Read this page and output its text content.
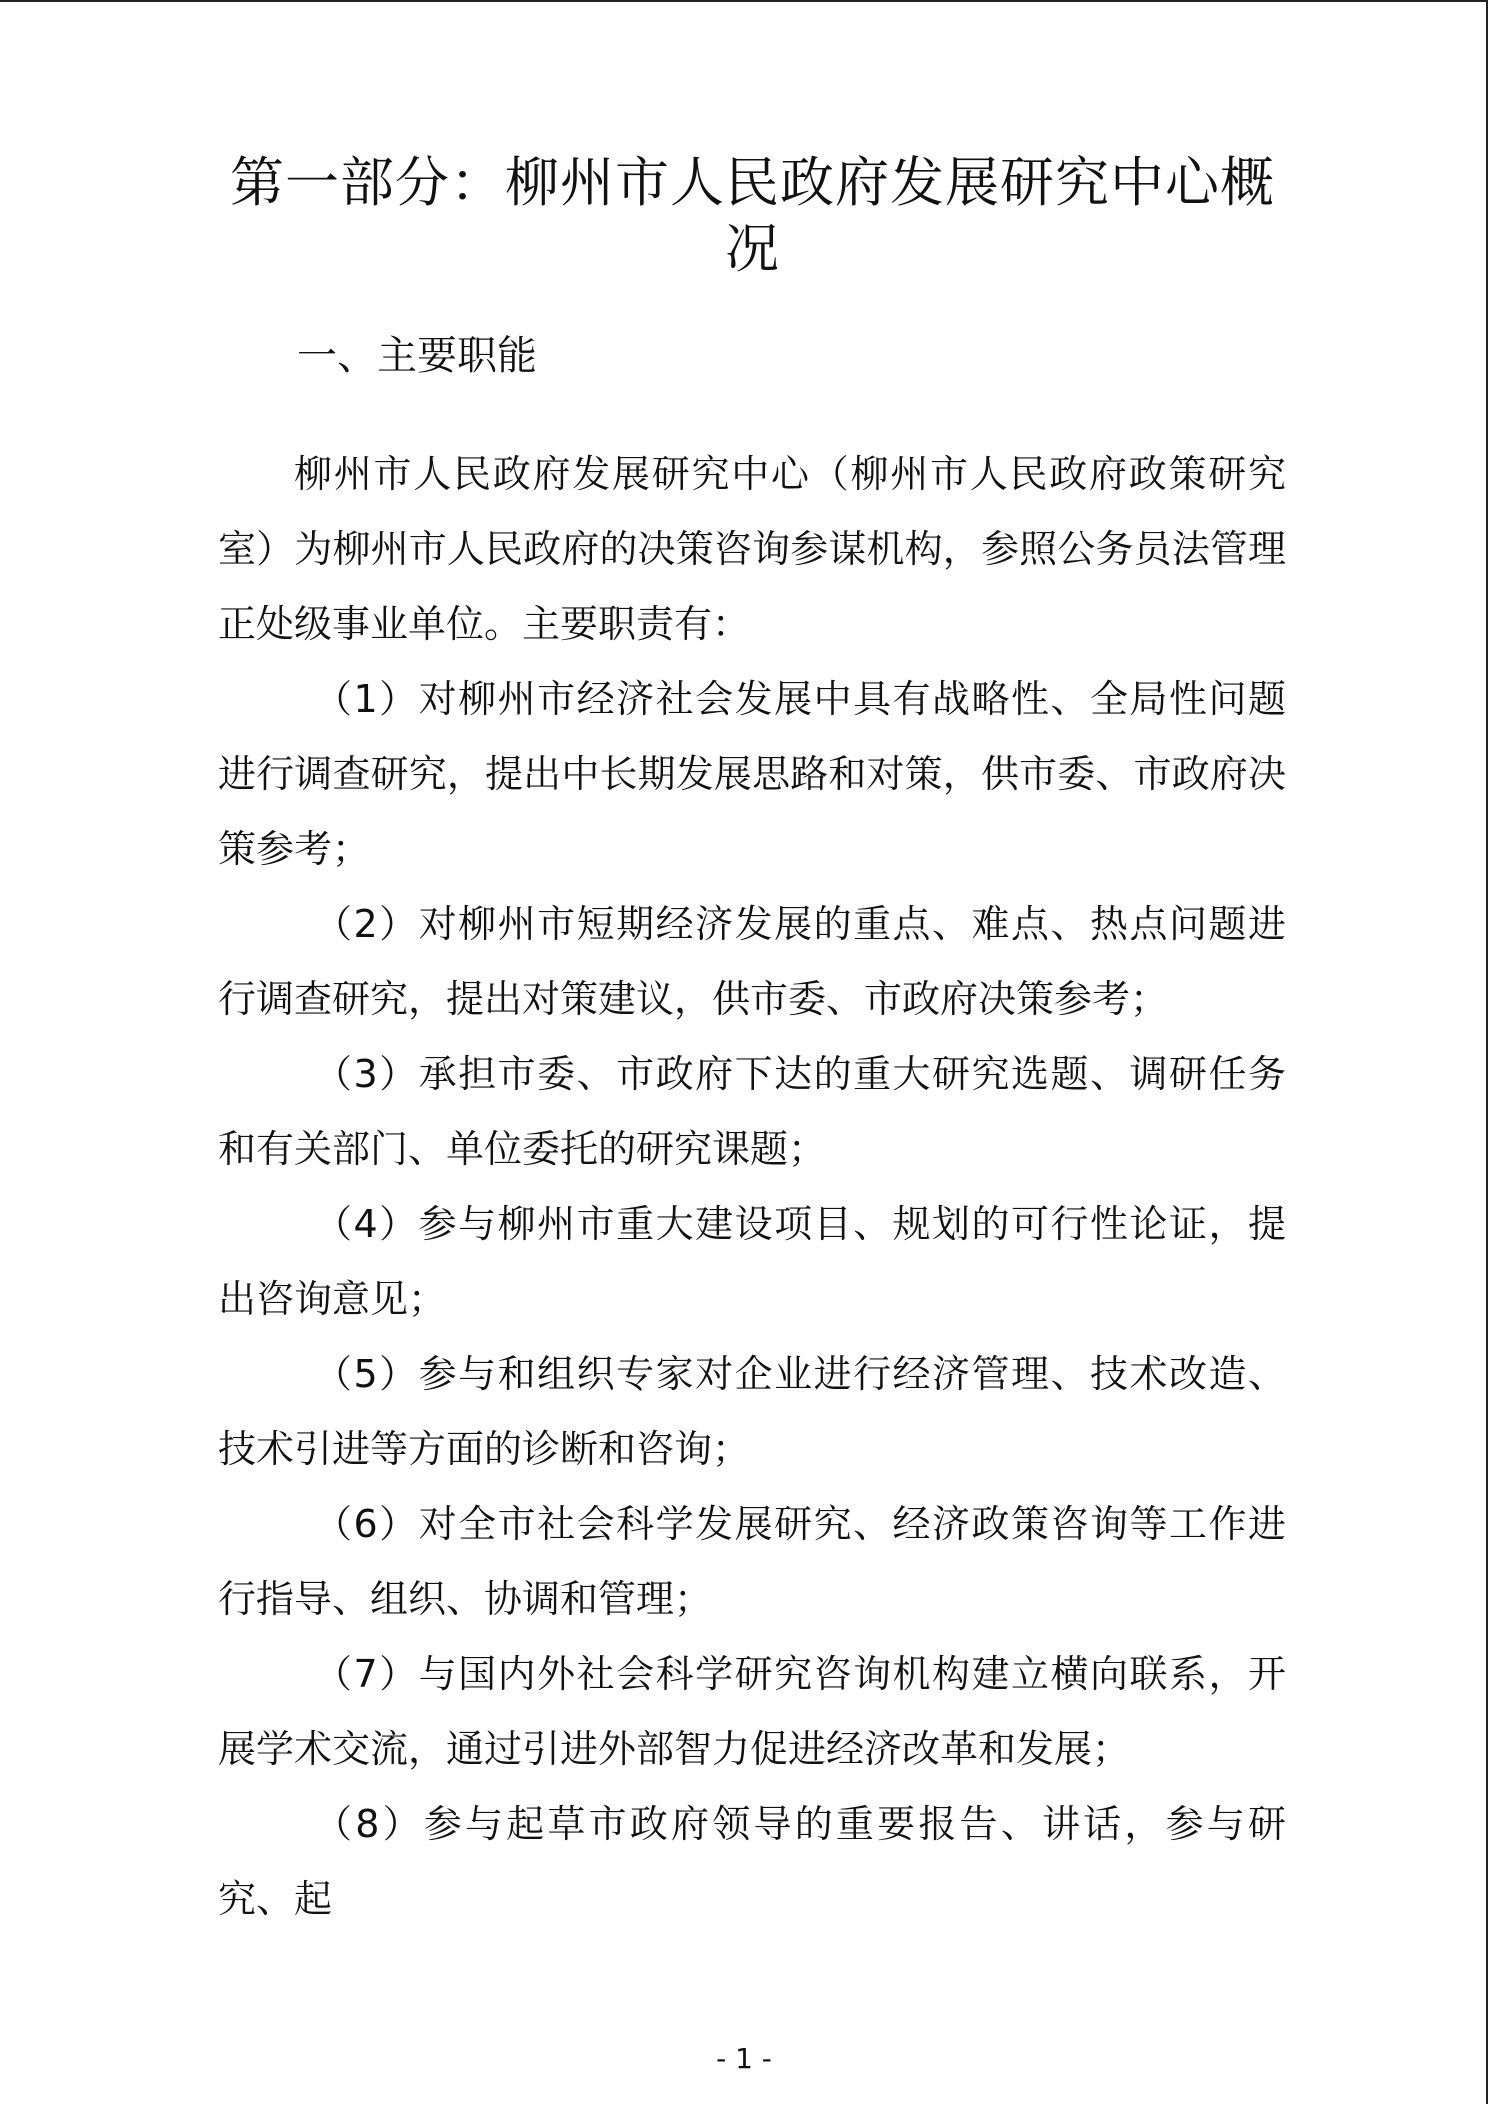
第一部分：柳州市人民政府发展研究中心概况
一、主要职能

柳州市人民政府发展研究中心（柳州市人民政府政策研究室）为柳州市人民政府的决策咨询参谋机构，参照公务员法管理正处级事业单位。主要职责有：

（1）对柳州市经济社会发展中具有战略性、全局性问题进行调查研究，提出中长期发展思路和对策，供市委、市政府决策参考；

（2）对柳州市短期经济发展的重点、难点、热点问题进行调查研究，提出对策建议，供市委、市政府决策参考；

（3）承担市委、市政府下达的重大研究选题、调研任务和有关部门、单位委托的研究课题；

（4）参与柳州市重大建设项目、规划的可行性论证，提出咨询意见；

（5）参与和组织专家对企业进行经济管理、技术改造、技术引进等方面的诊断和咨询；

（6）对全市社会科学发展研究、经济政策咨询等工作进行指导、组织、协调和管理；

（7）与国内外社会科学研究咨询机构建立横向联系，开展学术交流，通过引进外部智力促进经济改革和发展；

（8）参与起草市政府领导的重要报告、讲话，参与研究、起

- 1 -
